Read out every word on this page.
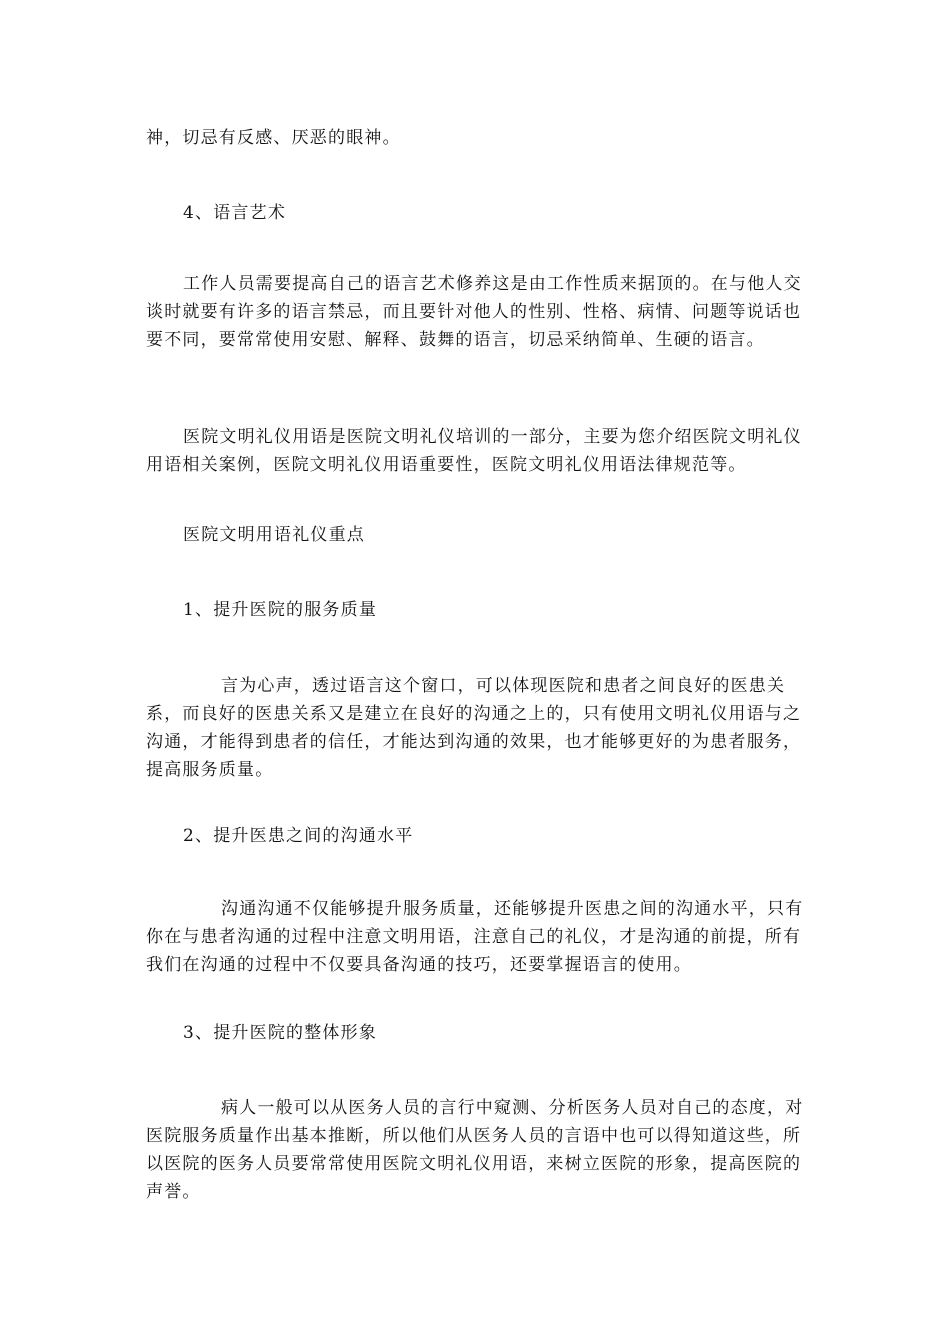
神，切忌有反感、厌恶的眼神。

4、语言艺术

工作人员需要提高自己的语言艺术修养这是由工作性质来据顶的。在与他人交谈时就要有许多的语言禁忌，而且要针对他人的性别、性格、病情、问题等说话也要不同，要常常使用安慰、解释、鼓舞的语言，切忌采纳简单、生硬的语言。

医院文明礼仪用语是医院文明礼仪培训的一部分，主要为您介绍医院文明礼仪用语相关案例，医院文明礼仪用语重要性，医院文明礼仪用语法律规范等。

医院文明用语礼仪重点

1、提升医院的服务质量

言为心声，透过语言这个窗口，可以体现医院和患者之间良好的医患关系，而良好的医患关系又是建立在良好的沟通之上的，只有使用文明礼仪用语与之沟通，才能得到患者的信任，才能达到沟通的效果，也才能够更好的为患者服务，提高服务质量。

2、提升医患之间的沟通水平

沟通沟通不仅能够提升服务质量，还能够提升医患之间的沟通水平，只有你在与患者沟通的过程中注意文明用语，注意自己的礼仪，才是沟通的前提，所有我们在沟通的过程中不仅要具备沟通的技巧，还要掌握语言的使用。

3、提升医院的整体形象

病人一般可以从医务人员的言行中窥测、分析医务人员对自己的态度，对医院服务质量作出基本推断，所以他们从医务人员的言语中也可以得知道这些，所以医院的医务人员要常常使用医院文明礼仪用语，来树立医院的形象，提高医院的声誉。
